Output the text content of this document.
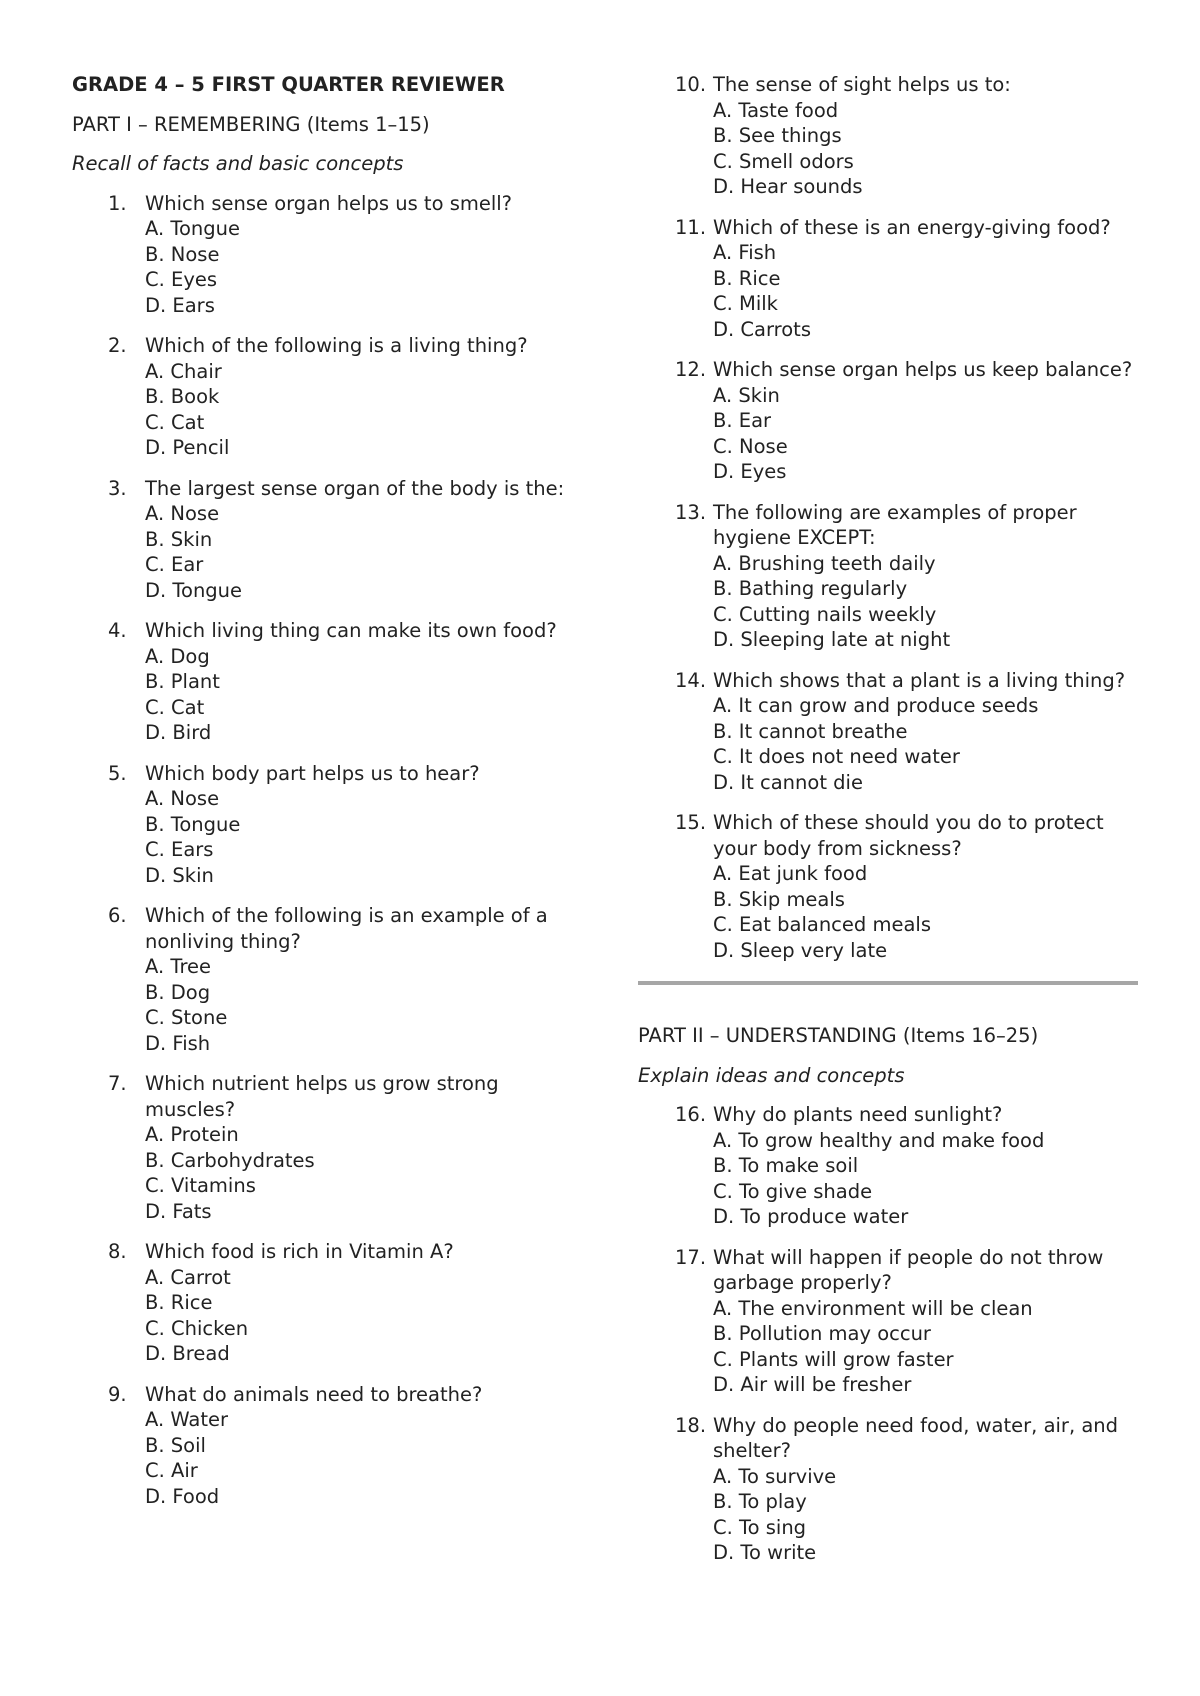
GRADE 4 – 5 FIRST QUARTER REVIEWER
PART I – REMEMBERING (Items 1–15)
Recall of facts and basic concepts
1. Which sense organ helps us to smell?
A. Tongue
B. Nose
C. Eyes
D. Ears
2. Which of the following is a living thing?
A. Chair
B. Book
C. Cat
D. Pencil
3. The largest sense organ of the body is the:
A. Nose
B. Skin
C. Ear
D. Tongue
4. Which living thing can make its own food?
A. Dog
B. Plant
C. Cat
D. Bird
5. Which body part helps us to hear?
A. Nose
B. Tongue
C. Ears
D. Skin
6. Which of the following is an example of a nonliving thing?
A. Tree
B. Dog
C. Stone
D. Fish
7. Which nutrient helps us grow strong muscles?
A. Protein
B. Carbohydrates
C. Vitamins
D. Fats
8. Which food is rich in Vitamin A?
A. Carrot
B. Rice
C. Chicken
D. Bread
9. What do animals need to breathe?
A. Water
B. Soil
C. Air
D. Food
10. The sense of sight helps us to:
A. Taste food
B. See things
C. Smell odors
D. Hear sounds
11. Which of these is an energy-giving food?
A. Fish
B. Rice
C. Milk
D. Carrots
12. Which sense organ helps us keep balance?
A. Skin
B. Ear
C. Nose
D. Eyes
13. The following are examples of proper hygiene EXCEPT:
A. Brushing teeth daily
B. Bathing regularly
C. Cutting nails weekly
D. Sleeping late at night
14. Which shows that a plant is a living thing?
A. It can grow and produce seeds
B. It cannot breathe
C. It does not need water
D. It cannot die
15. Which of these should you do to protect your body from sickness?
A. Eat junk food
B. Skip meals
C. Eat balanced meals
D. Sleep very late
PART II – UNDERSTANDING (Items 16–25)
Explain ideas and concepts
16. Why do plants need sunlight?
A. To grow healthy and make food
B. To make soil
C. To give shade
D. To produce water
17. What will happen if people do not throw garbage properly?
A. The environment will be clean
B. Pollution may occur
C. Plants will grow faster
D. Air will be fresher
18. Why do people need food, water, air, and shelter?
A. To survive
B. To play
C. To sing
D. To write
